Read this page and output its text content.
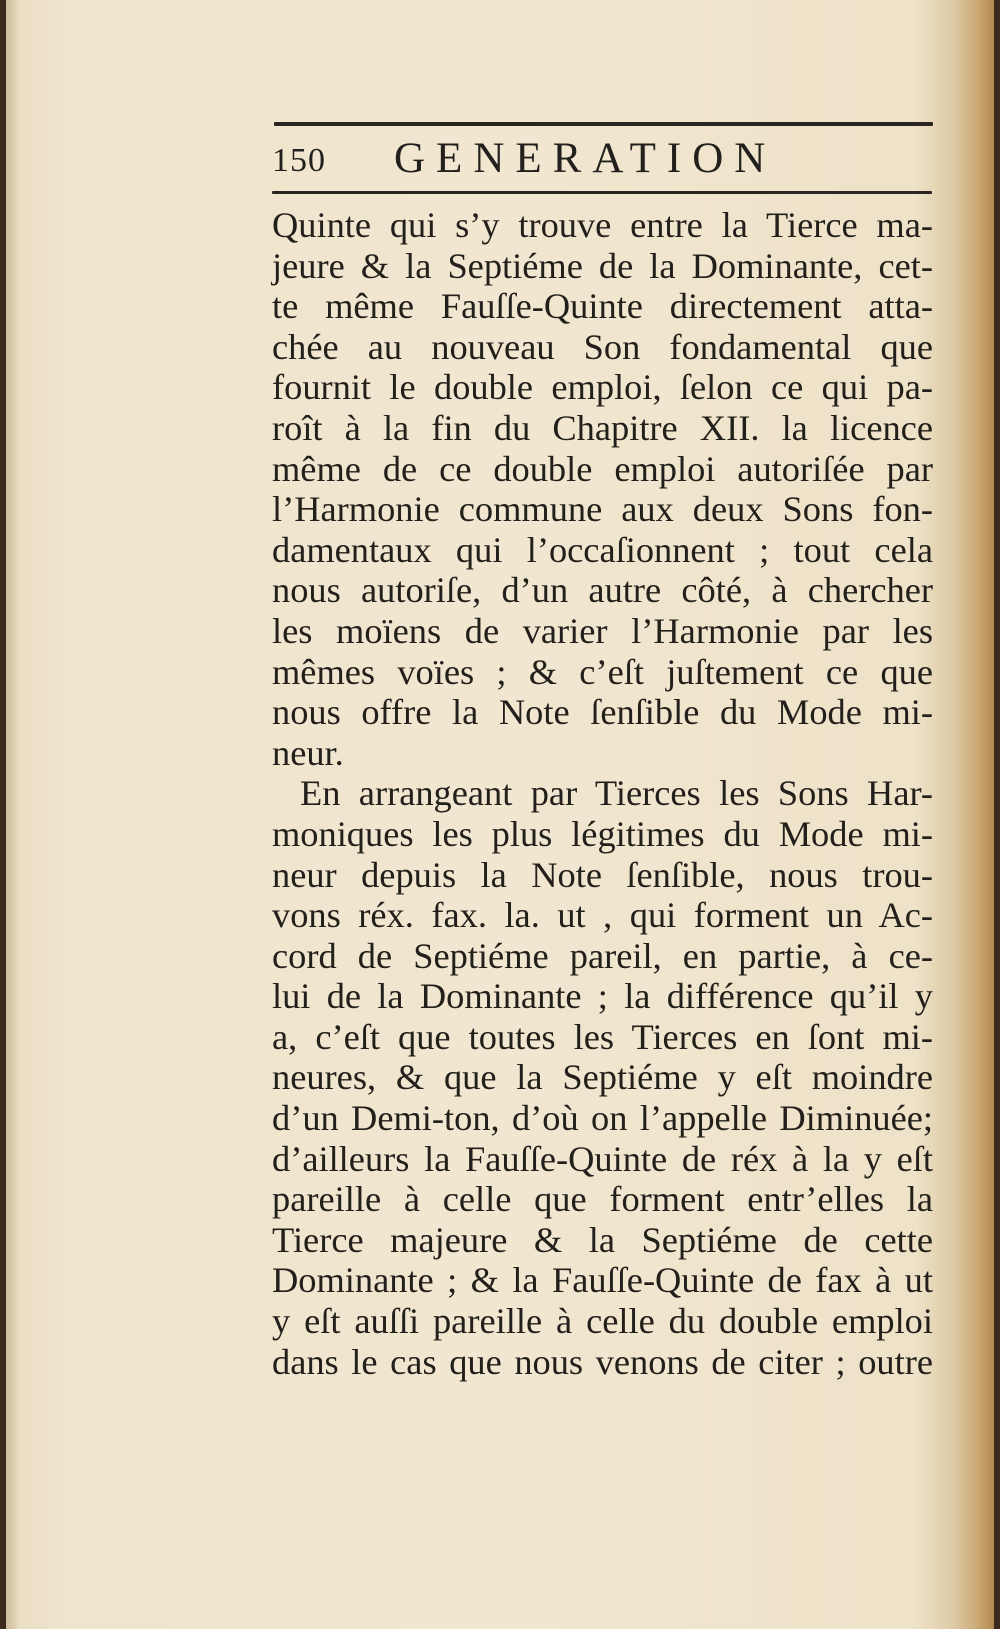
150 GENERATION
Quinte qui s’y trouve entre la Tierce ma-
jeure & la Septiéme de la Dominante, cet-
te même Fauſſe-Quinte directement atta-
chée au nouveau Son fondamental que
fournit le double emploi, ſelon ce qui pa-
roît à la fin du Chapitre XII. la licence
même de ce double emploi autoriſée par
l’Harmonie commune aux deux Sons fon-
damentaux qui l’occaſionnent ; tout cela
nous autoriſe, d’un autre côté, à chercher
les moïens de varier l’Harmonie par les
mêmes voïes ; & c’eſt juſtement ce que
nous offre la Note ſenſible du Mode mi-
neur.
En arrangeant par Tierces les Sons Har-
moniques les plus légitimes du Mode mi-
neur depuis la Note ſenſible, nous trou-
vons réx. fax. la. ut , qui forment un Ac-
cord de Septiéme pareil, en partie, à ce-
lui de la Dominante ; la différence qu’il y
a, c’eſt que toutes les Tierces en ſont mi-
neures, & que la Septiéme y eſt moindre
d’un Demi-ton, d’où on l’appelle Diminuée;
d’ailleurs la Fauſſe-Quinte de réx à la y eſt
pareille à celle que forment entr’elles la
Tierce majeure & la Septiéme de cette
Dominante ; & la Fauſſe-Quinte de fax à ut
y eſt auſſi pareille à celle du double emploi
dans le cas que nous venons de citer ; outre
